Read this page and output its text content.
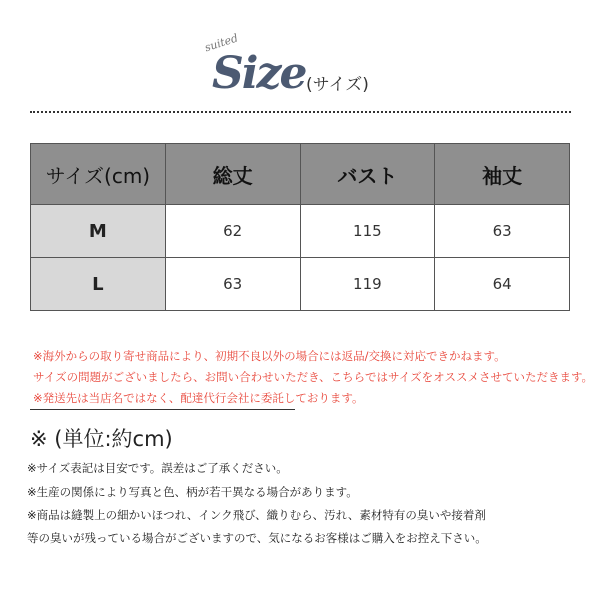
suited
Size (サイズ)
サイズ(cm)	総丈	バスト	袖丈
M	62	115	63
L	63	119	64
※海外からの取り寄せ商品により、初期不良以外の場合には返品/交換に対応できかねます。
サイズの問題がございましたら、お問い合わせいただき、こちらではサイズをオススメさせていただきます。
※発送先は当店名ではなく、配達代行会社に委託しております。
※ (単位:約cm)
※サイズ表記は目安です。誤差はご了承ください。
※生産の関係により写真と色、柄が若干異なる場合があります。
※商品は縫製上の細かいほつれ、インク飛び、織りむら、汚れ、素材特有の臭いや接着剤
等の臭いが残っている場合がございますので、気になるお客様はご購入をお控え下さい。
